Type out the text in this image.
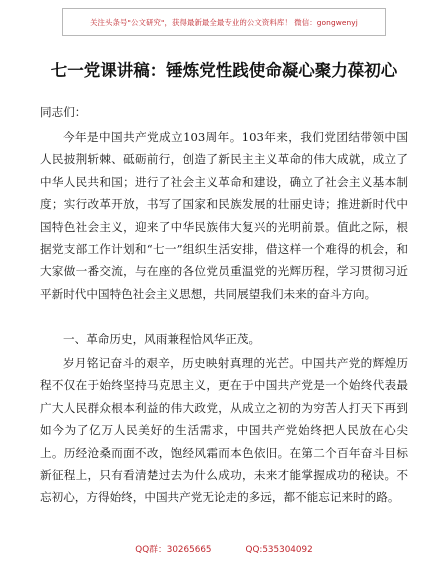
关注头条号"公文研究"，获得最新最全最专业的公文资料库！ 微信：gongwenyj
七一党课讲稿：锤炼党性践使命凝心聚力葆初心

同志们：

今年是中国共产党成立103周年。103年来，我们党团结带领中国人民披荆斩棘、砥砺前行，创造了新民主主义革命的伟大成就，成立了中华人民共和国；进行了社会主义革命和建设，确立了社会主义基本制度；实行改革开放，书写了国家和民族发展的壮丽史诗；推进新时代中国特色社会主义，迎来了中华民族伟大复兴的光明前景。值此之际，根据党支部工作计划和“七一”组织生活安排，借这样一个难得的机会，和大家做一番交流，与在座的各位党员重温党的光辉历程，学习贯彻习近平新时代中国特色社会主义思想，共同展望我们未来的奋斗方向。

一、革命历史，风雨兼程恰风华正茂。

岁月铭记奋斗的艰辛，历史映射真理的光芒。中国共产党的辉煌历程不仅在于始终坚持马克思主义，更在于中国共产党是一个始终代表最广大人民群众根本利益的伟大政党，从成立之初的为穷苦人打天下再到如今为了亿万人民美好的生活需求，中国共产党始终把人民放在心尖上。历经沧桑而面不改，饱经风霜而本色依旧。在第二个百年奋斗目标新征程上，只有看清楚过去为什么成功，未来才能掌握成功的秘诀。不忘初心，方得始终，中国共产党无论走的多远，都不能忘记来时的路。

QQ群：30265665	QQ:535304092
